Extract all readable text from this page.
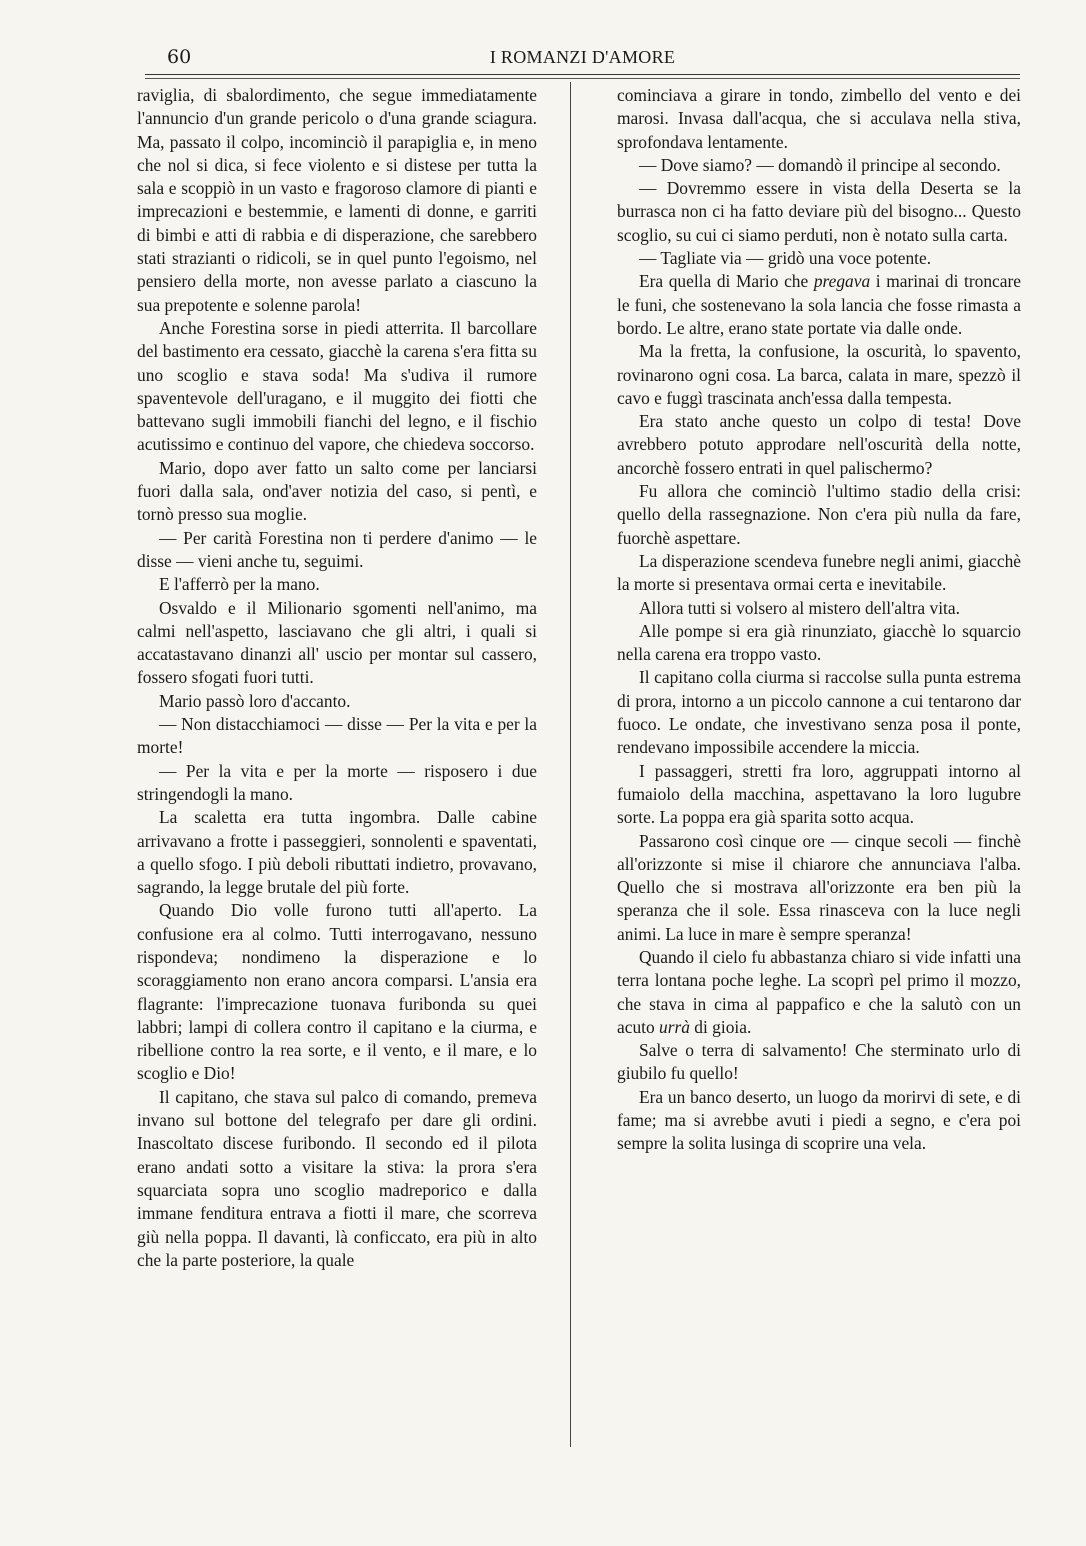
60	I ROMANZI D'AMORE

raviglia, di sbalordimento, che segue immediatamente l'annuncio d'un grande pericolo o d'una grande sciagura. Ma, passato il colpo, incominciò il parapiglia e, in meno che nol si dica, si fece violento e si distese per tutta la sala e scoppiò in un vasto e fragoroso clamore di pianti e imprecazioni e bestemmie, e lamenti di donne, e garriti di bimbi e atti di rabbia e di disperazione, che sarebbero stati strazianti o ridicoli, se in quel punto l'egoismo, nel pensiero della morte, non avesse parlato a ciascuno la sua prepotente e solenne parola!

Anche Forestina sorse in piedi atterrita. Il barcollare del bastimento era cessato, giacchè la carena s'era fitta su uno scoglio e stava soda! Ma s'udiva il rumore spaventevole dell'uragano, e il muggito dei fiotti che battevano sugli immobili fianchi del legno, e il fischio acutissimo e continuo del vapore, che chiedeva soccorso.

Mario, dopo aver fatto un salto come per lanciarsi fuori dalla sala, ond'aver notizia del caso, si pentì, e tornò presso sua moglie.

— Per carità Forestina non ti perdere d'animo — le disse — vieni anche tu, seguimi.

E l'afferrò per la mano.

Osvaldo e il Milionario sgomenti nell'animo, ma calmi nell'aspetto, lasciavano che gli altri, i quali si accatastavano dinanzi all' uscio per montar sul cassero, fossero sfogati fuori tutti.

Mario passò loro d'accanto.

— Non distacchiamoci — disse — Per la vita e per la morte!

— Per la vita e per la morte — risposero i due stringendogli la mano.

La scaletta era tutta ingombra. Dalle cabine arrivavano a frotte i passeggieri, sonnolenti e spaventati, a quello sfogo. I più deboli ributtati indietro, provavano, sagrando, la legge brutale del più forte.

Quando Dio volle furono tutti all'aperto. La confusione era al colmo. Tutti interrogavano, nessuno rispondeva; nondimeno la disperazione e lo scoraggiamento non erano ancora comparsi. L'ansia era flagrante: l'imprecazione tuonava furibonda su quei labbri; lampi di collera contro il capitano e la ciurma, e ribellione contro la rea sorte, e il vento, e il mare, e lo scoglio e Dio!

Il capitano, che stava sul palco di comando, premeva invano sul bottone del telegrafo per dare gli ordini. Inascoltato discese furibondo. Il secondo ed il pilota erano andati sotto a visitare la stiva: la prora s'era squarciata sopra uno scoglio madreporico e dalla immane fenditura entrava a fiotti il mare, che scorreva giù nella poppa. Il davanti, là conficcato, era più in alto che la parte posteriore, la quale

cominciava a girare in tondo, zimbello del vento e dei marosi. Invasa dall'acqua, che si acculava nella stiva, sprofondava lentamente.

— Dove siamo? — domandò il principe al secondo.

— Dovremmo essere in vista della Deserta se la burrasca non ci ha fatto deviare più del bisogno... Questo scoglio, su cui ci siamo perduti, non è notato sulla carta.

— Tagliate via — gridò una voce potente.

Era quella di Mario che pregava i marinai di troncare le funi, che sostenevano la sola lancia che fosse rimasta a bordo. Le altre, erano state portate via dalle onde.

Ma la fretta, la confusione, la oscurità, lo spavento, rovinarono ogni cosa. La barca, calata in mare, spezzò il cavo e fuggì trascinata anch'essa dalla tempesta.

Era stato anche questo un colpo di testa! Dove avrebbero potuto approdare nell'oscurità della notte, ancorchè fossero entrati in quel palischermo?

Fu allora che cominciò l'ultimo stadio della crisi: quello della rassegnazione. Non c'era più nulla da fare, fuorchè aspettare.

La disperazione scendeva funebre negli animi, giacchè la morte si presentava ormai certa e inevitabile.

Allora tutti si volsero al mistero dell'altra vita.

Alle pompe si era già rinunziato, giacchè lo squarcio nella carena era troppo vasto.

Il capitano colla ciurma si raccolse sulla punta estrema di prora, intorno a un piccolo cannone a cui tentarono dar fuoco. Le ondate, che investivano senza posa il ponte, rendevano impossibile accendere la miccia.

I passaggeri, stretti fra loro, aggruppati intorno al fumaiolo della macchina, aspettavano la loro lugubre sorte. La poppa era già sparita sotto acqua.

Passarono così cinque ore — cinque secoli — finchè all'orizzonte si mise il chiarore che annunciava l'alba. Quello che si mostrava all'orizzonte era ben più la speranza che il sole. Essa rinasceva con la luce negli animi. La luce in mare è sempre speranza!

Quando il cielo fu abbastanza chiaro si vide infatti una terra lontana poche leghe. La scoprì pel primo il mozzo, che stava in cima al pappafico e che la salutò con un acuto urrà di gioia.

Salve o terra di salvamento! Che sterminato urlo di giubilo fu quello!

Era un banco deserto, un luogo da morirvi di sete, e di fame; ma si avrebbe avuti i piedi a segno, e c'era poi sempre la solita lusinga di scoprire una vela.
